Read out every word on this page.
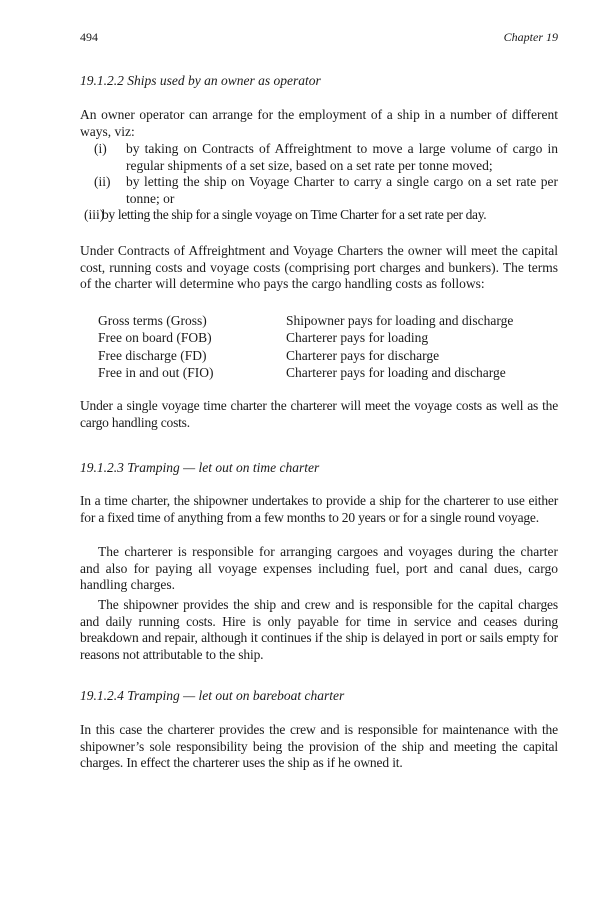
494	Chapter 19
19.1.2.2 Ships used by an owner as operator
An owner operator can arrange for the employment of a ship in a number of different ways, viz:
(i) by taking on Contracts of Affreightment to move a large volume of cargo in regular shipments of a set size, based on a set rate per tonne moved;
(ii) by letting the ship on Voyage Charter to carry a single cargo on a set rate per tonne; or
(iii)
by letting the ship for a single voyage on Time Charter for a set rate per day.
Under Contracts of Affreightment and Voyage Charters the owner will meet the capital cost, running costs and voyage costs (comprising port charges and bunkers). The terms of the charter will determine who pays the cargo handling costs as follows:
Gross terms (Gross)	Shipowner pays for loading and discharge
Free on board (FOB)	Charterer pays for loading
Free discharge (FD)	Charterer pays for discharge
Free in and out (FIO)	Charterer pays for loading and discharge
Under a single voyage time charter the charterer will meet the voyage costs as well as the cargo handling costs.
19.1.2.3 Tramping — let out on time charter
In a time charter, the shipowner undertakes to provide a ship for the charterer to use either for a fixed time of anything from a few months to 20 years or for a single round voyage.
The charterer is responsible for arranging cargoes and voyages during the charter and also for paying all voyage expenses including fuel, port and canal dues, cargo handling charges.
The shipowner provides the ship and crew and is responsible for the capital charges and daily running costs. Hire is only payable for time in service and ceases during breakdown and repair, although it continues if the ship is delayed in port or sails empty for reasons not attributable to the ship.
19.1.2.4 Tramping — let out on bareboat charter
In this case the charterer provides the crew and is responsible for maintenance with the shipowner’s sole responsibility being the provision of the ship and meeting the capital charges. In effect the charterer uses the ship as if he owned it.
